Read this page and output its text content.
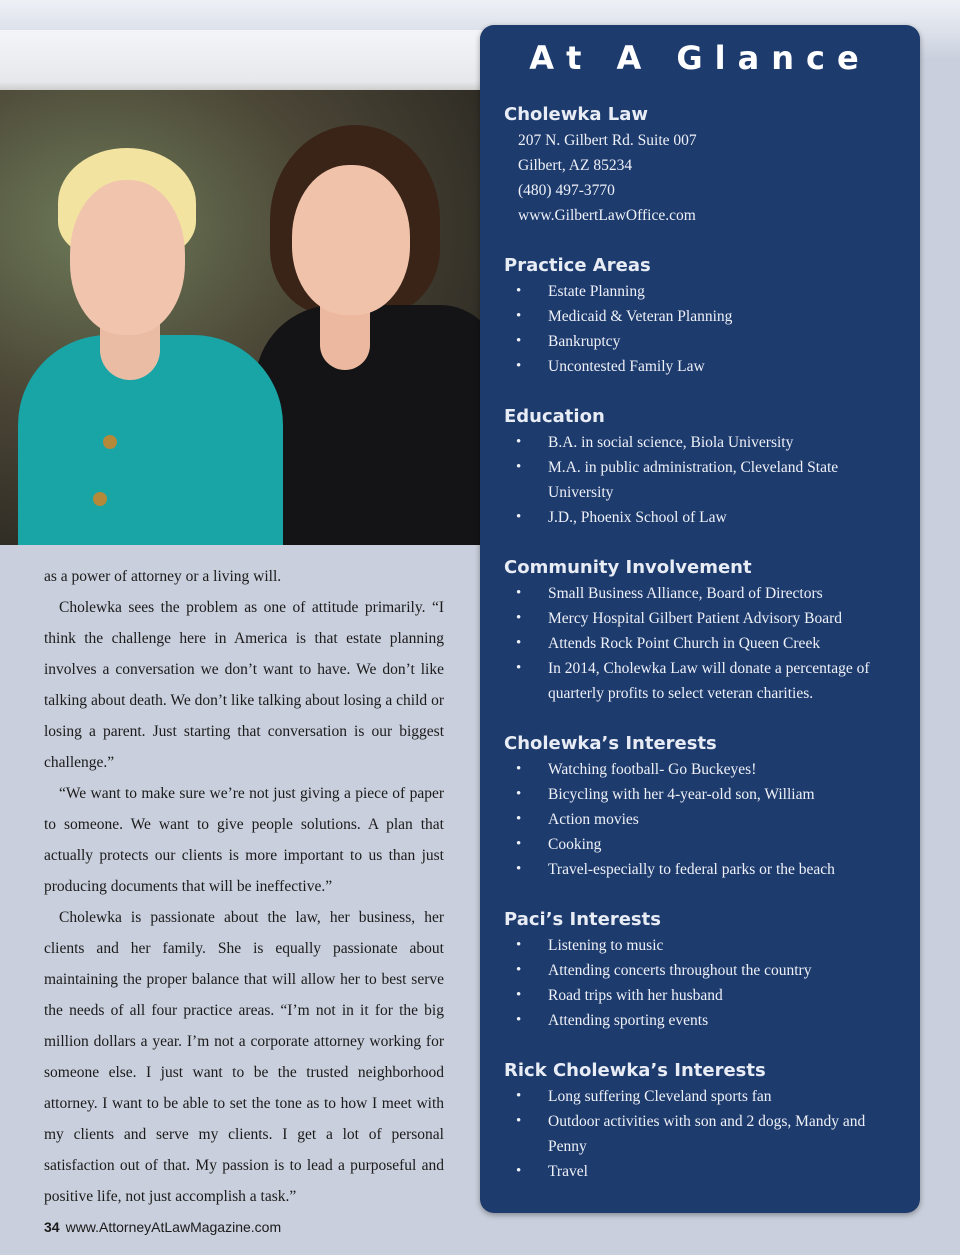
as a power of attorney or a living will.

Cholewka sees the problem as one of attitude primarily. “I think the challenge here in America is that estate planning involves a conversation we don’t want to have. We don’t like talking about death. We don’t like talking about losing a child or losing a parent. Just starting that conversation is our biggest challenge.”

“We want to make sure we’re not just giving a piece of paper to someone. We want to give people solutions. A plan that actually protects our clients is more important to us than just producing documents that will be ineffective.”

Cholewka is passionate about the law, her business, her clients and her family. She is equally passionate about maintaining the proper balance that will allow her to best serve the needs of all four practice areas. “I’m not in it for the big million dollars a year. I’m not a corporate attorney working for someone else. I just want to be the trusted neighborhood attorney. I want to be able to set the tone as to how I meet with my clients and serve my clients. I get a lot of personal satisfaction out of that. My passion is to lead a purposeful and positive life, not just accomplish a task.”

At A Glance
Cholewka Law
207 N. Gilbert Rd. Suite 007
Gilbert, AZ 85234
(480) 497-3770
www.GilbertLawOffice.com
Practice Areas
• Estate Planning
• Medicaid & Veteran Planning
• Bankruptcy
• Uncontested Family Law
Education
• B.A. in social science, Biola University
• M.A. in public administration, Cleveland State University
• J.D., Phoenix School of Law
Community Involvement
• Small Business Alliance, Board of Directors
• Mercy Hospital Gilbert Patient Advisory Board
• Attends Rock Point Church in Queen Creek
• In 2014, Cholewka Law will donate a percentage of quarterly profits to select veteran charities.
Cholewka’s Interests
• Watching football- Go Buckeyes!
• Bicycling with her 4-year-old son, William
• Action movies
• Cooking
• Travel-especially to federal parks or the beach
Paci’s Interests
• Listening to music
• Attending concerts throughout the country
• Road trips with her husband
• Attending sporting events
Rick Cholewka’s Interests
• Long suffering Cleveland sports fan
• Outdoor activities with son and 2 dogs, Mandy and Penny
• Travel
34 www.AttorneyAtLawMagazine.com
